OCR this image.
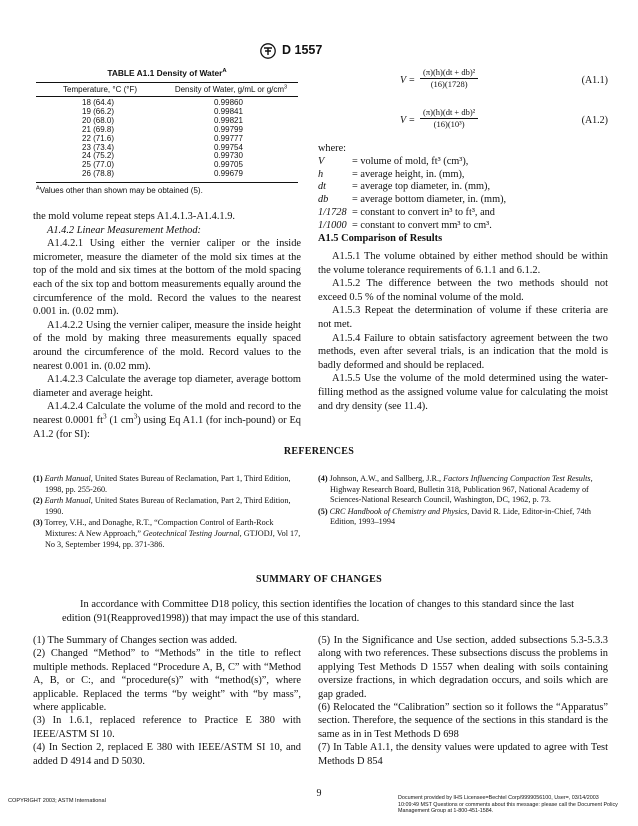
D 1557
TABLE A1.1 Density of Water$^A$
Temperature, °C (°F)	Density of Water, g/mL or $g/cm^3$
18 (64.4)	0.99860
19 (66.2)	0.99841
20 (68.0)	0.99821
21 (69.8)	0.99799
22 (71.6)	0.99777
23 (73.4)	0.99754
24 (75.2)	0.99730
25 (77.0)	0.99705
26 (78.8)	0.99679
$^A$Values other than shown may be obtained (5).

the mold volume repeat steps A1.4.1.3-A1.4.1.9.

A1.4.2 Linear Measurement Method:

A1.4.2.1 Using either the vernier caliper or the inside micrometer, measure the diameter of the mold six times at the top of the mold and six times at the bottom of the mold spacing each of the six top and bottom measurements equally around the circumference of the mold. Record the values to the nearest 0.001 in. (0.02 mm).

A1.4.2.2 Using the vernier caliper, measure the inside height of the mold by making three measurements equally spaced around the circumference of the mold. Record values to the nearest 0.001 in. (0.02 mm).

A1.4.2.3 Calculate the average top diameter, average bottom diameter and average height.

A1.4.2.4 Calculate the volume of the mold and record to the nearest 0.0001 $ft^3$ (1 $cm^3$) using Eq A1.1 (for inch-pound) or Eq A1.2 (for SI):

$V = \frac{\text{(π)(h)(dt + db)²}}{(16)(1728)}$	(A1.1)
$V = \frac{\text{(π)(h)(dt + db)²}}{\text{(16)(10³)}}$	(A1.2)
where:
V	= volume of mold, ft³ (cm³),
h	= average height, in. (mm),
dt	= average top diameter, in. (mm),
db	= average bottom diameter, in. (mm),
1/1728	= constant to convert in³ to ft³, and
1/1000	= constant to convert mm³ to cm³.
A1.5 Comparison of Results

A1.5.1 The volume obtained by either method should be within the volume tolerance requirements of 6.1.1 and 6.1.2.

A1.5.2 The difference between the two methods should not exceed 0.5 % of the nominal volume of the mold.

A1.5.3 Repeat the determination of volume if these criteria are not met.

A1.5.4 Failure to obtain satisfactory agreement between the two methods, even after several trials, is an indication that the mold is badly deformed and should be replaced.

A1.5.5 Use the volume of the mold determined using the water-filling method as the assigned volume value for calculating the moist and dry density (see 11.4).

REFERENCES

(1) Earth Manual, United States Bureau of Reclamation, Part 1, Third Edition, 1998, pp. 255-260.

(2) Earth Manual, United States Bureau of Reclamation, Part 2, Third Edition, 1990.

(3) Torrey, V.H., and Donaghe, R.T., “Compaction Control of Earth-Rock Mixtures: A New Approach,” Geotechnical Testing Journal, GTJODJ, Vol 17, No 3, September 1994, pp. 371-386.

(4) Johnson, A.W., and Sallberg, J.R., Factors Influencing Compaction Test Results, Highway Research Board, Bulletin 318, Publication 967, National Academy of Sciences-National Research Council, Washington, DC, 1962, p. 73.

(5) CRC Handbook of Chemistry and Physics, David R. Lide, Editor-in-Chief, 74th Edition, 1993–1994

SUMMARY OF CHANGES

In accordance with Committee D18 policy, this section identifies the location of changes to this standard since the last edition (91(Reapproved1998)) that may impact the use of this standard.

(1) The Summary of Changes section was added.

(2) Changed “Method” to “Methods” in the title to reflect multiple methods. Replaced “Procedure A, B, C” with “Method A, B, or C:, and “procedure(s)” with “method(s)”, where applicable. Replaced the terms “by weight” with “by mass”, where applicable.

(3) In 1.6.1, replaced reference to Practice E 380 with IEEE/ASTM SI 10.

(4) In Section 2, replaced E 380 with IEEE/ASTM SI 10, and added D 4914 and D 5030.

(5) In the Significance and Use section, added subsections 5.3-5.3.3 along with two references. These subsections discuss the problems in applying Test Methods D 1557 when dealing with soils containing oversize fractions, in which degradation occurs, and soils which are gap graded.

(6) Relocated the “Calibration” section so it follows the “Apparatus” section. Therefore, the sequence of the sections in this standard is the same as in in Test Methods D 698

(7) In Table A1.1, the density values were updated to agree with Test Methods D 854

9
COPYRIGHT 2003; ASTM International	Document provided by IHS Licensee=Bechtel Corp/9999056100, User=, 03/14/2003 10:09:49 MST Questions or comments about this message: please call the Document Policy Management Group at 1-800-451-1584.
